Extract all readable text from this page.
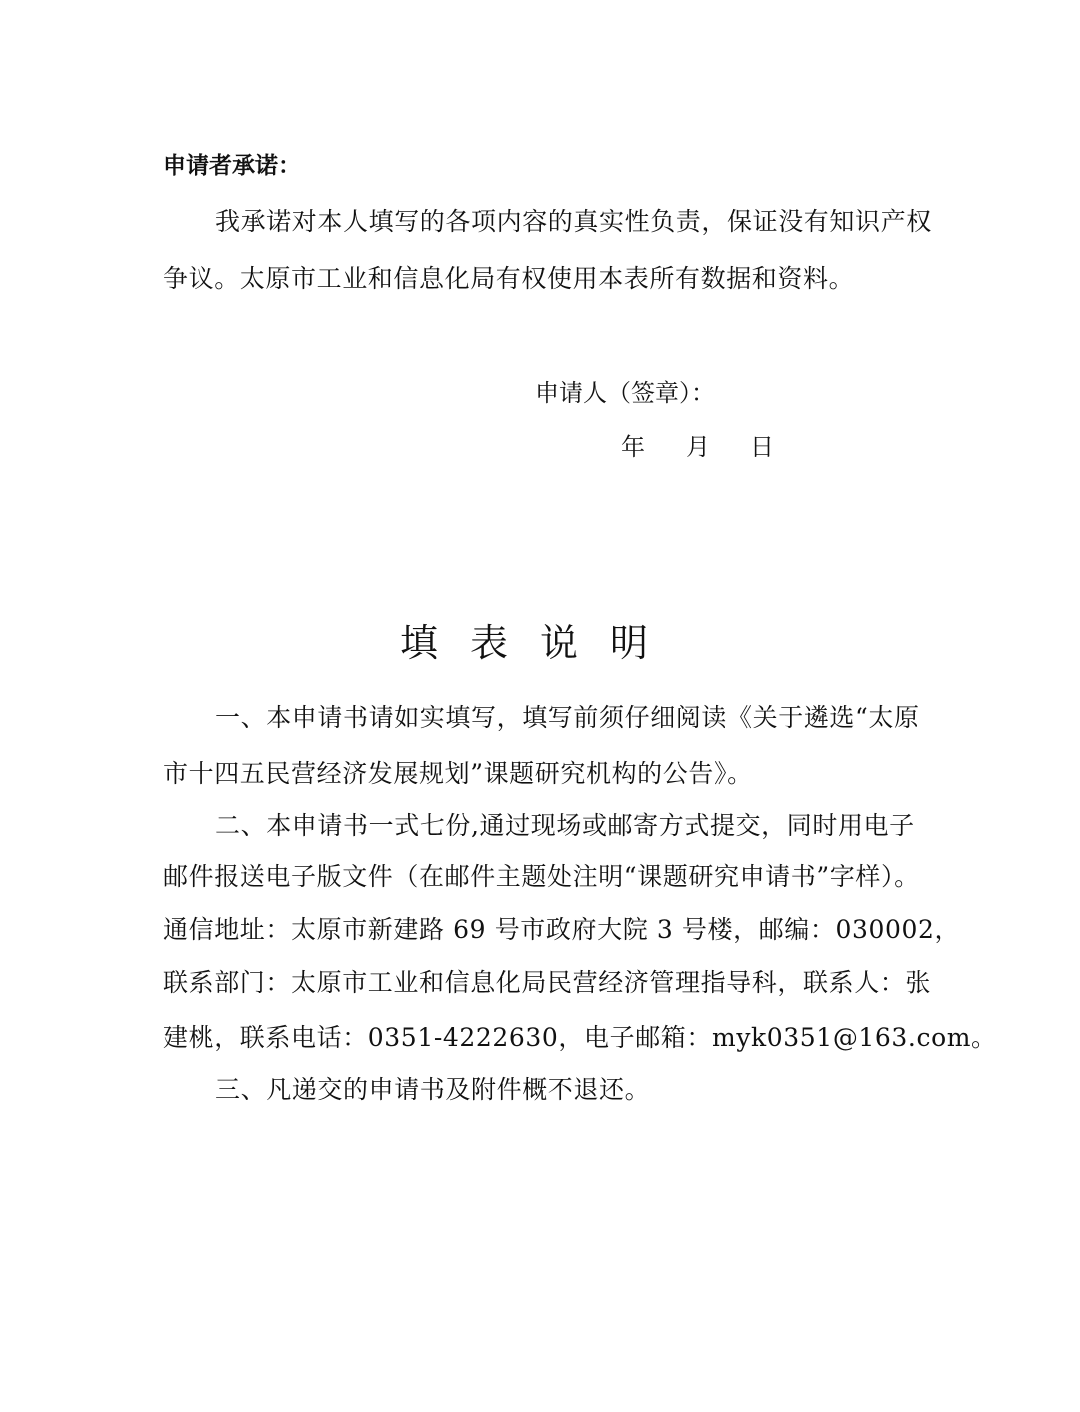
申请者承诺：
我承诺对本人填写的各项内容的真实性负责，保证没有知识产权
争议。太原市工业和信息化局有权使用本表所有数据和资料。
申请人（签章）：
年 月 日
填表说明
一、本申请书请如实填写，填写前须仔细阅读《关于遴选“太原
市十四五民营经济发展规划”课题研究机构的公告》。
二、本申请书一式七份,通过现场或邮寄方式提交，同时用电子
邮件报送电子版文件（在邮件主题处注明“课题研究申请书”字样）。
通信地址：太原市新建路 69 号市政府大院 3 号楼，邮编：030002，
联系部门：太原市工业和信息化局民营经济管理指导科，联系人：张
建桃，联系电话：0351-4222630，电子邮箱：myk0351@163.com。
三、凡递交的申请书及附件概不退还。
